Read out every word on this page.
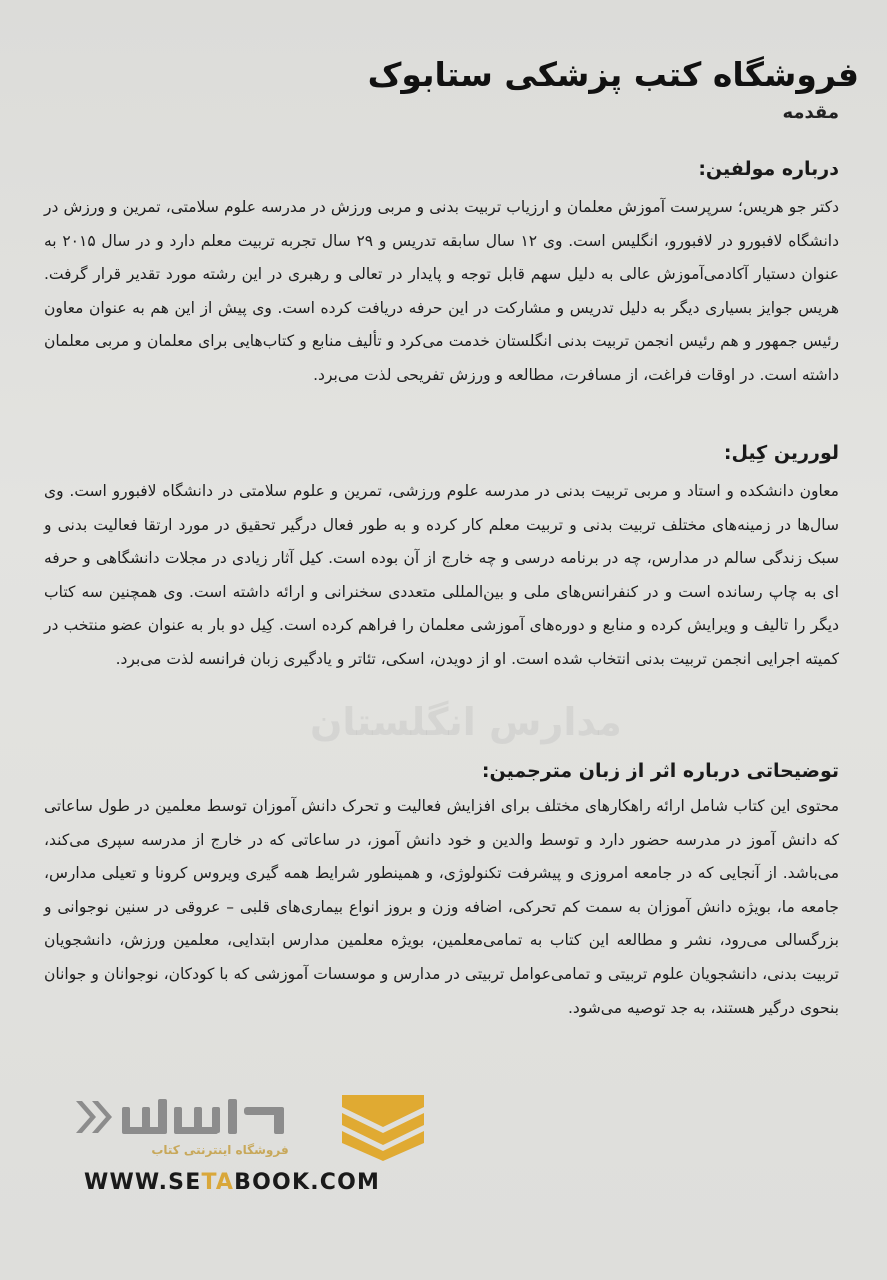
فروشگاه کتب پزشکی ستابوک
مقدمه
مدارس انگلستان
درباره مولفین:
دکتر جو هریس؛ سرپرست آموزش معلمان و ارزیاب تربیت بدنی و مربی ورزش در مدرسه علوم سلامتی، تمرین و ورزش در دانشگاه لافبورو در لافبورو، انگلیس است. وی ۱۲ سال سابقه تدریس و ۲۹ سال تجربه تربیت معلم دارد و در سال ۲۰۱۵ به عنوان دستیار آکادمی‌آموزش عالی به دلیل سهم قابل توجه و پایدار در تعالی و رهبری در این رشته مورد تقدیر قرار گرفت. هریس جوایز بسیاری دیگر به دلیل تدریس و مشارکت در این حرفه دریافت کرده است. وی پیش از این هم به عنوان معاون رئیس جمهور و هم رئیس انجمن تربیت بدنی انگلستان خدمت می‌کرد و تألیف منابع و کتاب‌هایی برای معلمان و مربی معلمان داشته است. در اوقات فراغت، از مسافرت، مطالعه و ورزش تفریحی لذت می‌برد.
لوررین کِیل:
معاون دانشکده و استاد و مربی تربیت بدنی در مدرسه علوم ورزشی، تمرین و علوم سلامتی در دانشگاه لافبورو است. وی سال‌ها در زمینه‌های مختلف تربیت بدنی و تربیت معلم کار کرده و به طور فعال درگیر تحقیق در مورد ارتقا فعالیت بدنی و سبک زندگی سالم در مدارس، چه در برنامه درسی و چه خارج از آن بوده است. کیل آثار زیادی در مجلات دانشگاهی و حرفه ای به چاپ رسانده است و در کنفرانس‌های ملی و بین‌المللی متعددی سخنرانی و ارائه داشته است. وی همچنین سه کتاب دیگر را تالیف و ویرایش کرده و منابع و دوره‌های آموزشی معلمان را فراهم کرده است. کِیل دو بار به عنوان عضو منتخب در کمیته اجرایی انجمن تربیت بدنی انتخاب شده است. او از دویدن، اسکی، تئاتر و یادگیری زبان فرانسه لذت می‌برد.
توضیحاتی درباره اثر از زبان مترجمین:
محتوی این کتاب شامل ارائه راهکارهای مختلف برای افزایش فعالیت و تحرک دانش آموزان توسط معلمین در طول ساعاتی که دانش آموز در مدرسه حضور دارد و توسط والدین و خود دانش آموز، در ساعاتی که در خارج از مدرسه سپری می‌کند، می‌باشد. از آنجایی که در جامعه امروزی و پیشرفت تکنولوژی، و همینطور شرایط همه گیری ویروس کرونا و تعیلی مدارس، جامعه ما، بویژه دانش آموزان به سمت کم تحرکی، اضافه وزن و بروز انواع بیماری‌های قلبی – عروقی در سنین نوجوانی و بزرگسالی می‌رود، نشر و مطالعه این کتاب به تمامی‌معلمین، بویژه معلمین مدارس ابتدایی، معلمین ورزش، دانشجویان تربیت بدنی، دانشجویان علوم تربیتی و تمامی‌عوامل تربیتی در مدارس و موسسات آموزشی که با کودکان، نوجوانان و جوانان بنحوی درگیر هستند، به جد توصیه می‌شود.
فروشگاه اینترنتی کتاب
WWW.SETABOOK.COM
